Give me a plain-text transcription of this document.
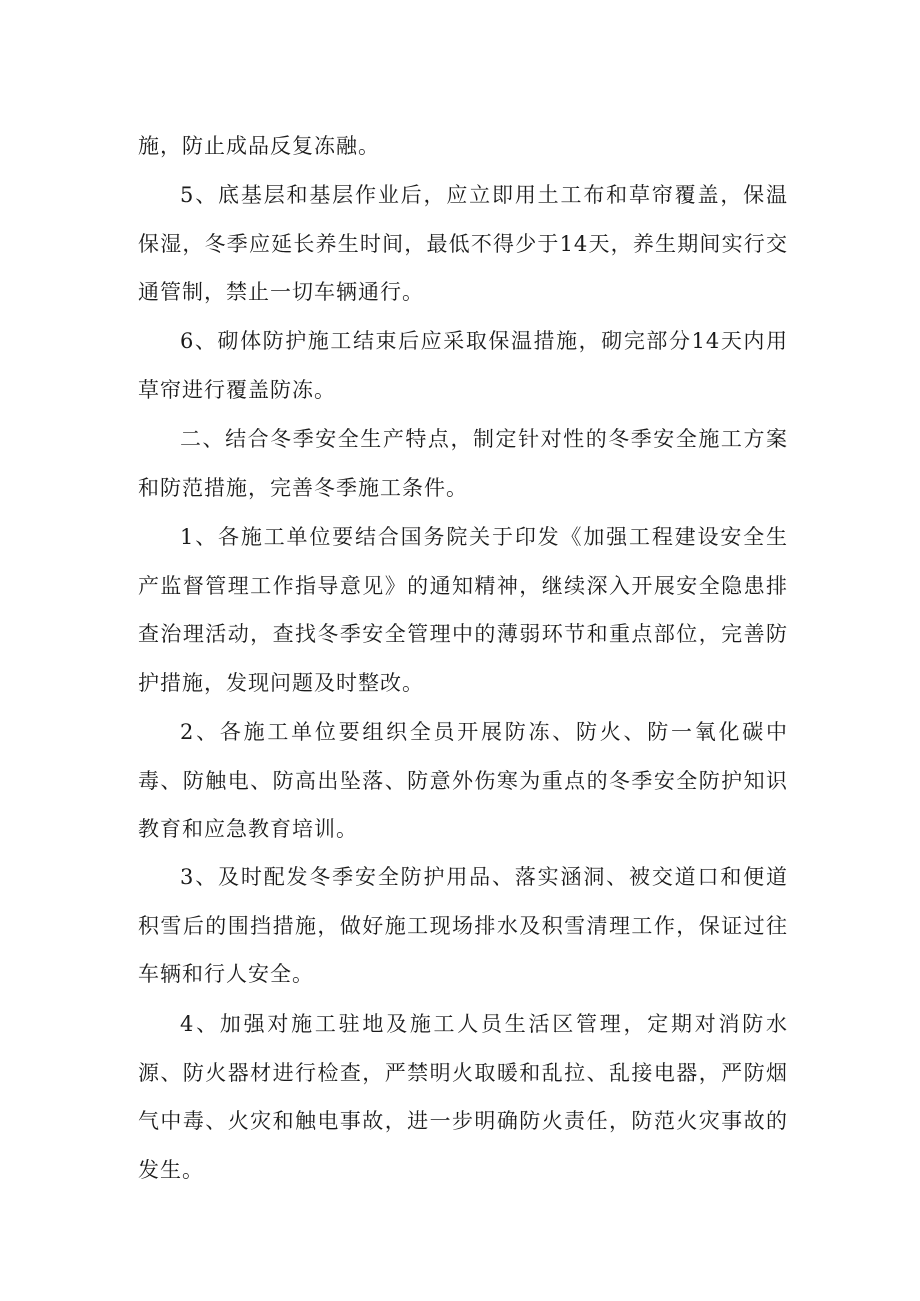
施，防止成品反复冻融。

5、底基层和基层作业后，应立即用土工布和草帘覆盖，保温保湿，冬季应延长养生时间，最低不得少于14天，养生期间实行交通管制，禁止一切车辆通行。

6、砌体防护施工结束后应采取保温措施，砌完部分14天内用草帘进行覆盖防冻。

二、结合冬季安全生产特点，制定针对性的冬季安全施工方案和防范措施，完善冬季施工条件。

1、各施工单位要结合国务院关于印发《加强工程建设安全生产监督管理工作指导意见》的通知精神，继续深入开展安全隐患排查治理活动，查找冬季安全管理中的薄弱环节和重点部位，完善防护措施，发现问题及时整改。

2、各施工单位要组织全员开展防冻、防火、防一氧化碳中毒、防触电、防高出坠落、防意外伤寒为重点的冬季安全防护知识教育和应急教育培训。

3、及时配发冬季安全防护用品、落实涵洞、被交道口和便道积雪后的围挡措施，做好施工现场排水及积雪清理工作，保证过往车辆和行人安全。

4、加强对施工驻地及施工人员生活区管理，定期对消防水源、防火器材进行检查，严禁明火取暖和乱拉、乱接电器，严防烟气中毒、火灾和触电事故，进一步明确防火责任，防范火灾事故的发生。
